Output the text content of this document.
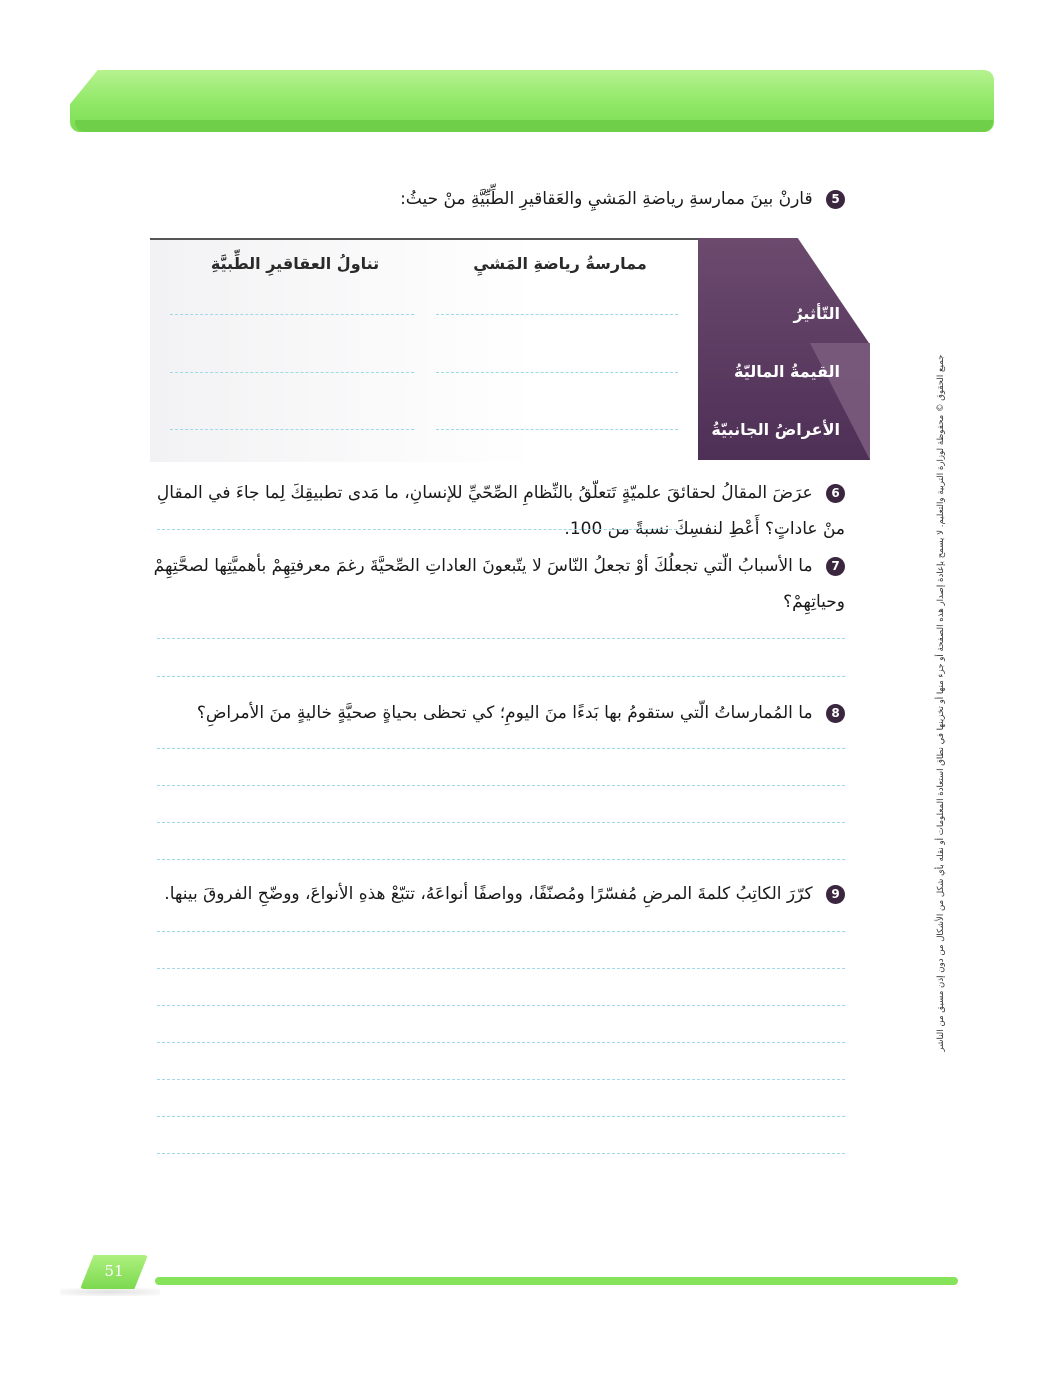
جميع الحقوق © محفوظة لوزارة التربية والتعليم. لا يسمح بإعادة إصدار هذه الصفحة أو جزء منها أو تخزينها في نطاق استعادة المعلومات أو نقله بأي شكل من الأشكال من دون إذن مسبق من الناشر
5 قارنْ بينَ ممارسةِ رياضةِ المَشيِ والعَقاقيرِ الطِّبِّيَّةِ منْ حيثُ:
ممارسةُ رياضةِ المَشيِ
تناولُ العقاقيرِ الطِّبيَّةِ
التّأثيرُ
القيمةُ الماليّةُ
الأعراضُ الجانبيّةُ
6 عرَضَ المقالُ لحقائقَ علميّةٍ تَتعلّقُ بالنِّظامِ الصِّحّيِّ للإنسانِ، ما مَدى تطبيقِكَ لِما جاءَ في المقالِ منْ عاداتٍ؟ أَعْطِ لنفسِكَ نسبةً من 100.
7 ما الأسبابُ الّتي تجعلُكَ أوْ تجعلُ النّاسَ لا يتّبعونَ العاداتِ الصِّحيَّةَ رغمَ معرفتِهِمْ بأهميَّتِها لصحَّتِهِمْ وحياتِهِمْ؟
8 ما المُمارساتُ الّتي ستقومُ بها بَدءًا منَ اليومِ؛ كي تحظى بحياةٍ صحيَّةٍ خاليةٍ منَ الأمراضِ؟
9 كرّرَ الكاتِبُ كلمةَ المرضِ مُفسّرًا ومُصنّفًا، وواصفًا أنواعَهُ، تتبّعْ هذهِ الأنواعَ، ووضّحِ الفروقَ بينها.
51
